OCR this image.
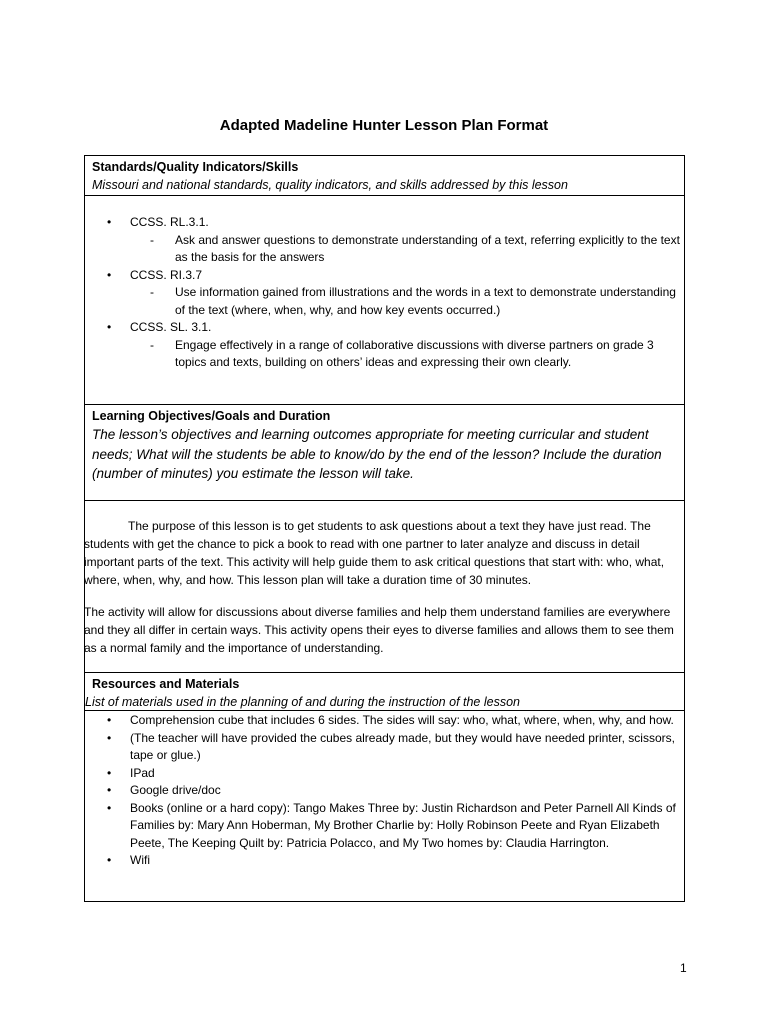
Adapted Madeline Hunter Lesson Plan Format
Standards/Quality Indicators/Skills
Missouri and national standards, quality indicators, and skills addressed by this lesson
• CCSS. RL.3.1.
- Ask and answer questions to demonstrate understanding of a text, referring explicitly to the text as the basis for the answers
• CCSS. RI.3.7
- Use information gained from illustrations and the words in a text to demonstrate understanding of the text (where, when, why, and how key events occurred.)
• CCSS. SL. 3.1.
- Engage effectively in a range of collaborative discussions with diverse partners on grade 3 topics and texts, building on others’ ideas and expressing their own clearly.
Learning Objectives/Goals and Duration
The lesson’s objectives and learning outcomes appropriate for meeting curricular and student needs; What will the students be able to know/do by the end of the lesson? Include the duration (number of minutes) you estimate the lesson will take.
The purpose of this lesson is to get students to ask questions about a text they have just read. The students with get the chance to pick a book to read with one partner to later analyze and discuss in detail important parts of the text. This activity will help guide them to ask critical questions that start with: who, what, where, when, why, and how. This lesson plan will take a duration time of 30 minutes.
The activity will allow for discussions about diverse families and help them understand families are everywhere and they all differ in certain ways. This activity opens their eyes to diverse families and allows them to see them as a normal family and the importance of understanding.
Resources and Materials
List of materials used in the planning of and during the instruction of the lesson
• Comprehension cube that includes 6 sides. The sides will say: who, what, where, when, why, and how.
• (The teacher will have provided the cubes already made, but they would have needed printer, scissors, tape or glue.)
• IPad
• Google drive/doc
• Books (online or a hard copy): Tango Makes Three by: Justin Richardson and Peter Parnell All Kinds of Families by: Mary Ann Hoberman, My Brother Charlie by: Holly Robinson Peete and Ryan Elizabeth Peete, The Keeping Quilt by: Patricia Polacco, and My Two homes by: Claudia Harrington.
• Wifi
1
